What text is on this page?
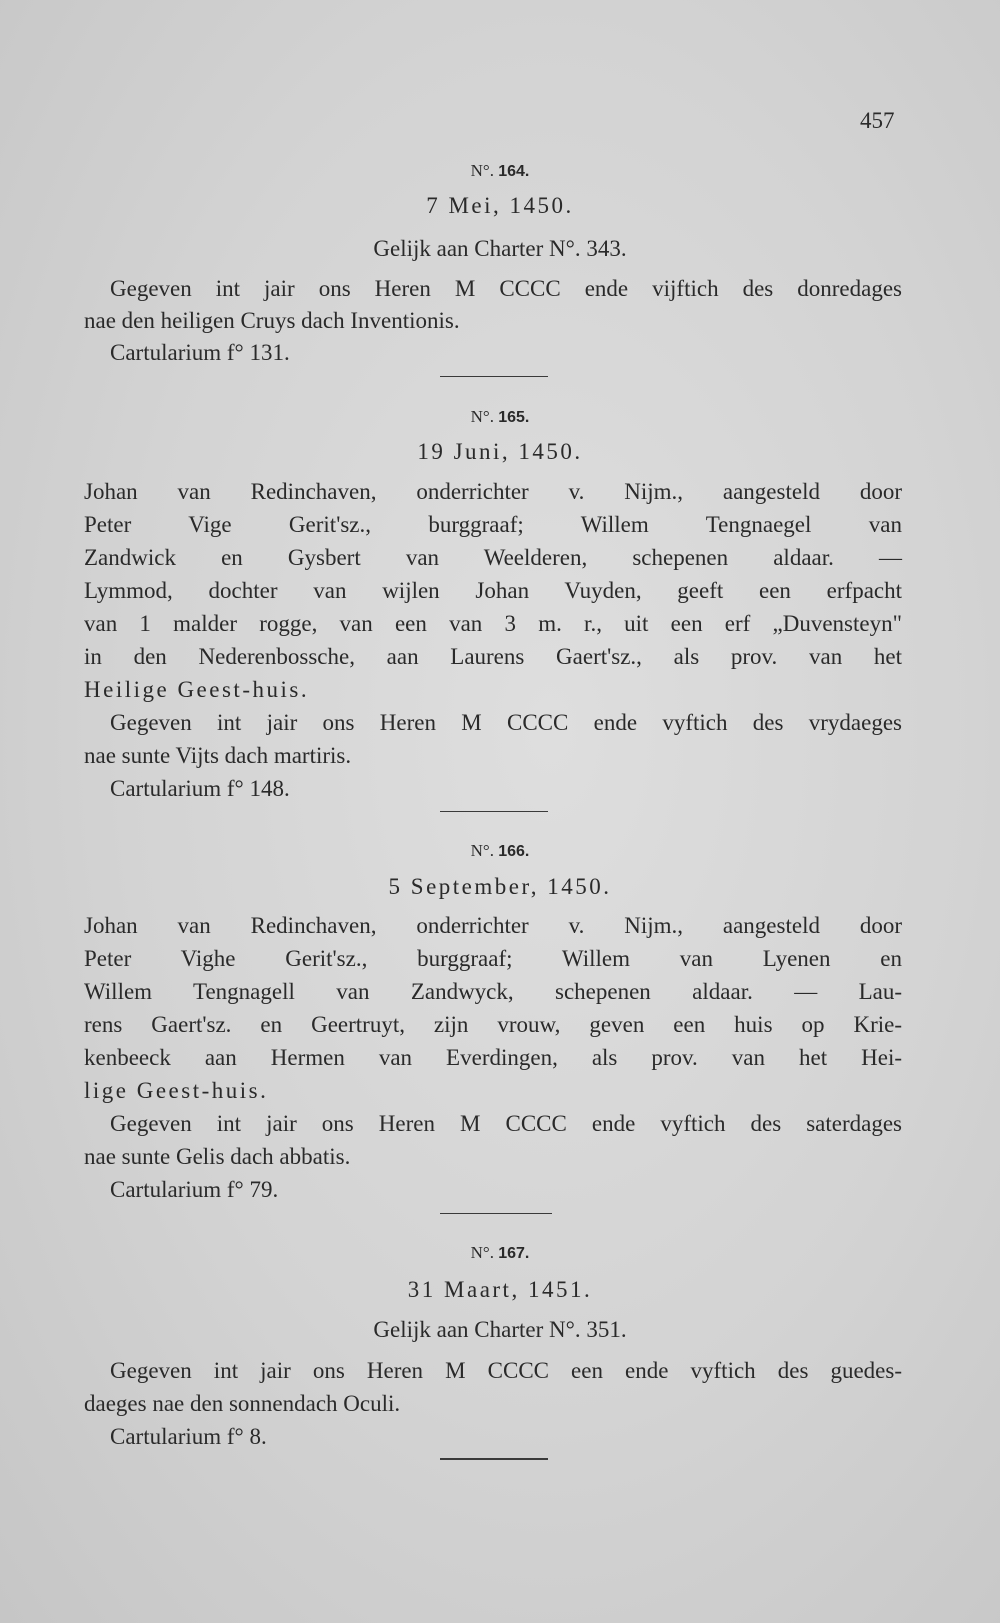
457
N°. 164.
7 Mei, 1450.
Gelijk aan Charter N°. 343.
Gegeven int jair ons Heren M CCCC ende vijftich des donredages
nae den heiligen Cruys dach Inventionis.
Cartularium f° 131.
N°. 165.
19 Juni, 1450.
Johan van Redinchaven, onderrichter v. Nijm., aangesteld door
Peter Vige Gerit'sz., burggraaf; Willem Tengnaegel van
Zandwick en Gysbert van Weelderen, schepenen aldaar. —
Lymmod, dochter van wijlen Johan Vuyden, geeft een erfpacht
van 1 malder rogge, van een van 3 m. r., uit een erf „Duvensteyn"
in den Nederenbossche, aan Laurens Gaert'sz., als prov. van het
Heilige Geest-huis.
Gegeven int jair ons Heren M CCCC ende vyftich des vrydaeges
nae sunte Vijts dach martiris.
Cartularium f° 148.
N°. 166.
5 September, 1450.
Johan van Redinchaven, onderrichter v. Nijm., aangesteld door
Peter Vighe Gerit'sz., burggraaf; Willem van Lyenen en
Willem Tengnagell van Zandwyck, schepenen aldaar. — Lau-
rens Gaert'sz. en Geertruyt, zijn vrouw, geven een huis op Krie-
kenbeeck aan Hermen van Everdingen, als prov. van het Hei-
lige Geest-huis.
Gegeven int jair ons Heren M CCCC ende vyftich des saterdages
nae sunte Gelis dach abbatis.
Cartularium f° 79.
N°. 167.
31 Maart, 1451.
Gelijk aan Charter N°. 351.
Gegeven int jair ons Heren M CCCC een ende vyftich des guedes-
daeges nae den sonnendach Oculi.
Cartularium f° 8.
